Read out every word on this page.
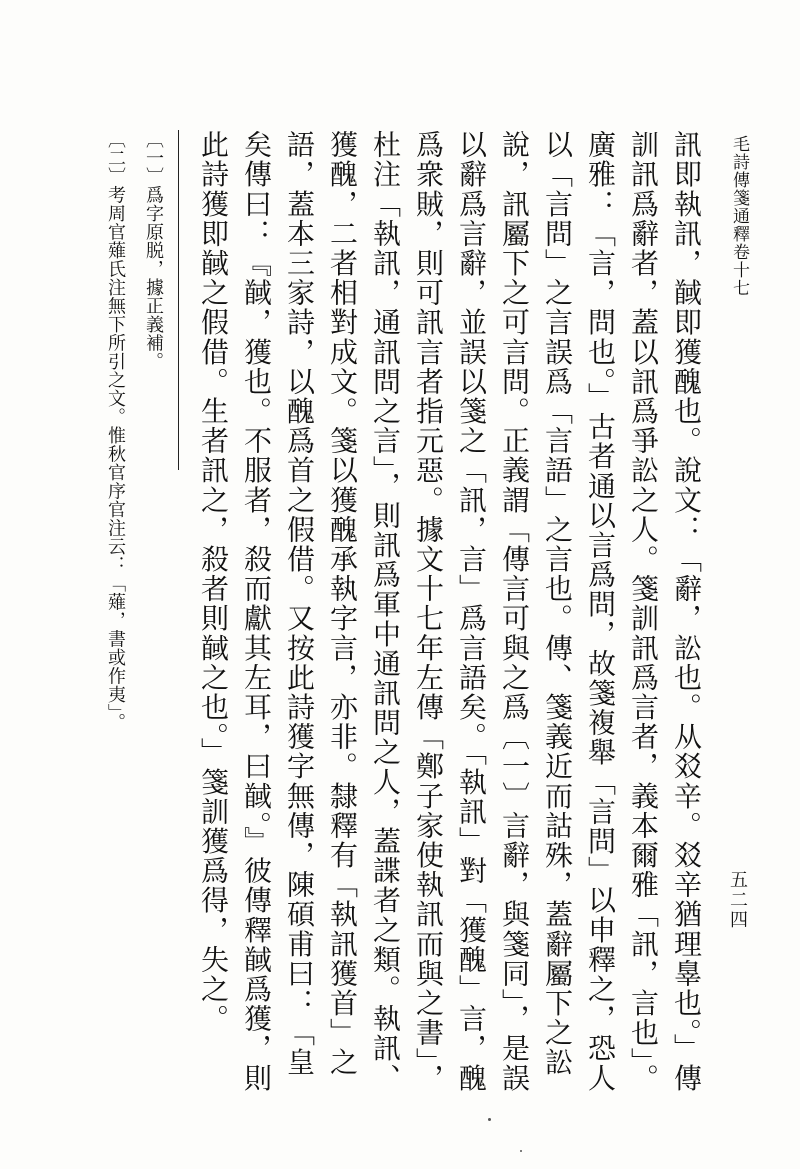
毛詩傳箋通釋卷十七
五二四

訊即執訊，馘即獲醜也。說文：「辭，訟也。从㸚辛。㸚辛猶理辠也。」傳訓訊爲辭者，蓋以訊爲爭訟之人。箋訓訊爲言者，義本爾雅「訊，言也」。廣雅：「言，問也。」古者通以言爲問，故箋複舉「言問」以申釋之，恐人以「言問」之言誤爲「言語」之言也。傳、箋義近而詁殊，蓋辭屬下之訟說，訊屬下之可言問。正義謂「傳言可與之爲〔一〕言辭，與箋同」，是誤以辭爲言辭，並誤以箋之「訊，言」爲言語矣。「執訊」對「獲醜」言，醜爲衆賊，則可訊言者指元惡。據文十七年左傳「鄭子家使執訊而與之書」，杜注「執訊，通訊問之言」，則訊爲軍中通訊問之人，蓋諜者之類。執訊、獲醜，二者相對成文。箋以獲醜承執字言，亦非。隸釋有「執訊獲首」之語，蓋本三家詩，以醜爲首之假借。又按此詩獲字無傳，陳碩甫曰：「皇矣傳曰：『馘，獲也。不服者，殺而獻其左耳，曰馘。』彼傳釋馘爲獲，則此詩獲即馘之假借。生者訊之，殺者則馘之也。」箋訓獲爲得，失之。

〔一〕爲字原脱，據正義補。

〔二〕考周官薙氏注無下所引之文。惟秋官序官注云：「薙，書或作夷」。
